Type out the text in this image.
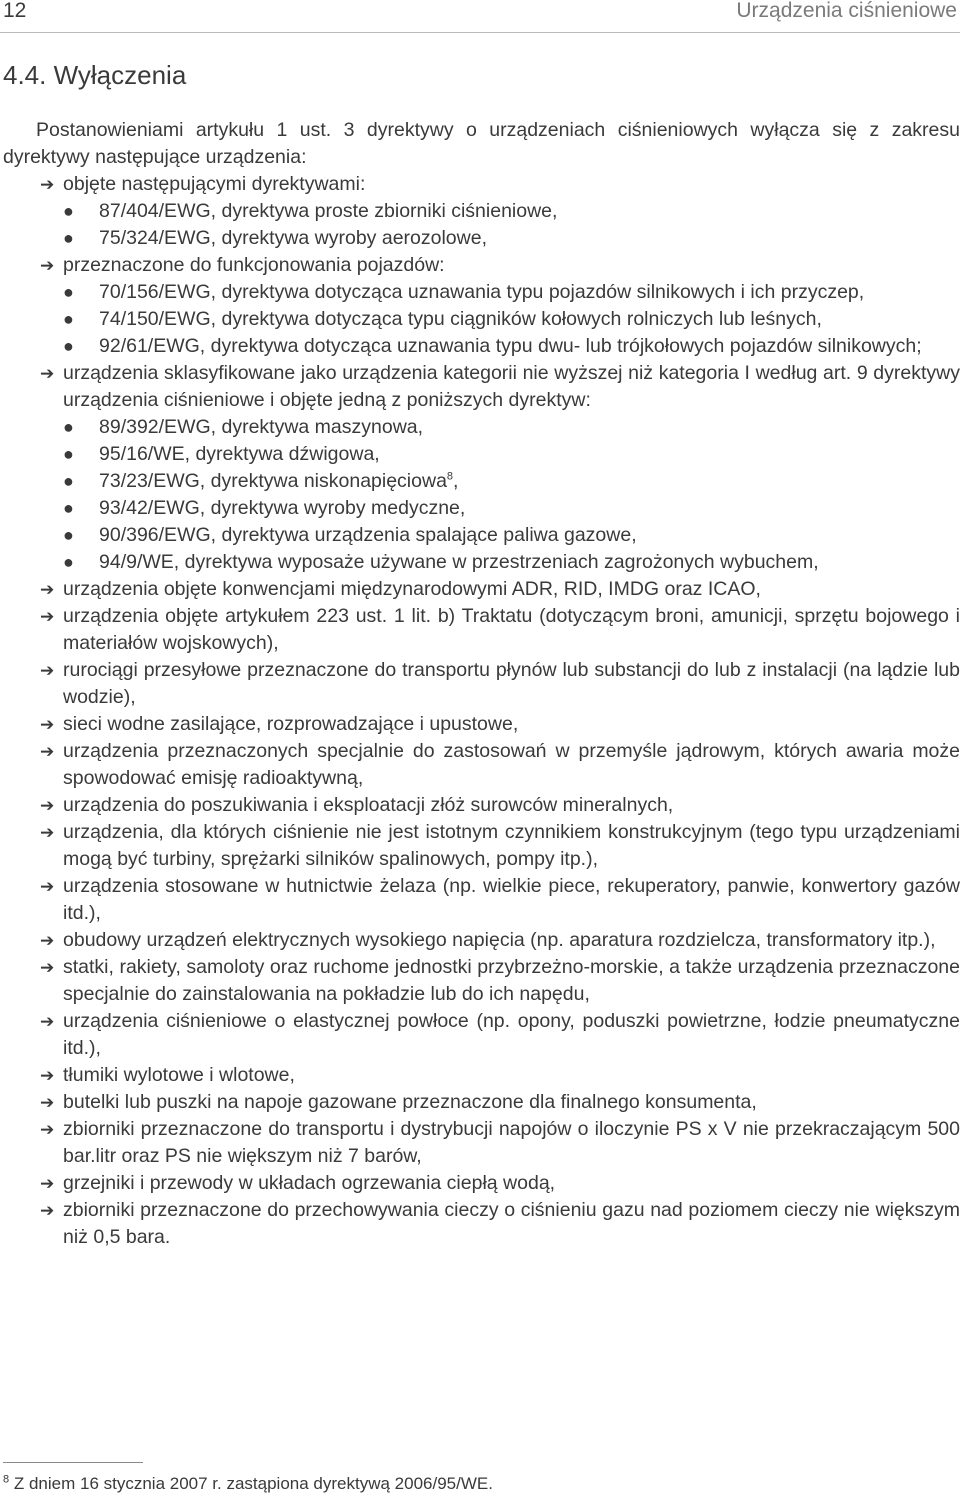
12	Urządzenia ciśnieniowe
4.4. Wyłączenia

Postanowieniami artykułu 1 ust. 3 dyrektywy o urządzeniach ciśnieniowych wyłącza się z zakresu dyrektywy następujące urządzenia:

➔ objęte następującymi dyrektywami:
● 87/404/EWG, dyrektywa proste zbiorniki ciśnieniowe,
● 75/324/EWG, dyrektywa wyroby aerozolowe,
➔ przeznaczone do funkcjonowania pojazdów:
● 70/156/EWG, dyrektywa dotycząca uznawania typu pojazdów silnikowych i ich przyczep,
● 74/150/EWG, dyrektywa dotycząca typu ciągników kołowych rolniczych lub leśnych,
● 92/61/EWG, dyrektywa dotycząca uznawania typu dwu- lub trójkołowych pojazdów silnikowych;
➔ urządzenia sklasyfikowane jako urządzenia kategorii nie wyższej niż kategoria I według art. 9 dyrektywy urządzenia ciśnieniowe i objęte jedną z poniższych dyrektyw:
● 89/392/EWG, dyrektywa maszynowa,
● 95/16/WE, dyrektywa dźwigowa,
● 73/23/EWG, dyrektywa niskonapięciowa$^8$,
● 93/42/EWG, dyrektywa wyroby medyczne,
● 90/396/EWG, dyrektywa urządzenia spalające paliwa gazowe,
● 94/9/WE, dyrektywa wyposaże używane w przestrzeniach zagrożonych wybuchem,
➔ urządzenia objęte konwencjami międzynarodowymi ADR, RID, IMDG oraz ICAO,
➔ urządzenia objęte artykułem 223 ust. 1 lit. b) Traktatu (dotyczącym broni, amunicji, sprzętu bojowego i materiałów wojskowych),
➔ rurociągi przesyłowe przeznaczone do transportu płynów lub substancji do lub z instalacji (na lądzie lub wodzie),
➔ sieci wodne zasilające, rozprowadzające i upustowe,
➔ urządzenia przeznaczonych specjalnie do zastosowań w przemyśle jądrowym, których awaria może spowodować emisję radioaktywną,
➔ urządzenia do poszukiwania i eksploatacji złóż surowców mineralnych,
➔ urządzenia, dla których ciśnienie nie jest istotnym czynnikiem konstrukcyjnym (tego typu urządzeniami mogą być turbiny, sprężarki silników spalinowych, pompy itp.),
➔ urządzenia stosowane w hutnictwie żelaza (np. wielkie piece, rekuperatory, panwie, konwertory gazów itd.),
➔ obudowy urządzeń elektrycznych wysokiego napięcia (np. aparatura rozdzielcza, transformatory itp.),
➔ statki, rakiety, samoloty oraz ruchome jednostki przybrzeżno-morskie, a także urządzenia przeznaczone specjalnie do zainstalowania na pokładzie lub do ich napędu,
➔ urządzenia ciśnieniowe o elastycznej powłoce (np. opony, poduszki powietrzne, łodzie pneumatyczne itd.),
➔ tłumiki wylotowe i wlotowe,
➔ butelki lub puszki na napoje gazowane przeznaczone dla finalnego konsumenta,
➔ zbiorniki przeznaczone do transportu i dystrybucji napojów o iloczynie PS x V nie przekraczającym 500 bar.litr oraz PS nie większym niż 7 barów,
➔ grzejniki i przewody w układach ogrzewania ciepłą wodą,
➔ zbiorniki przeznaczone do przechowywania cieczy o ciśnieniu gazu nad poziomem cieczy nie większym niż 0,5 bara.
$^8$ Z dniem 16 stycznia 2007 r. zastąpiona dyrektywą 2006/95/WE.
